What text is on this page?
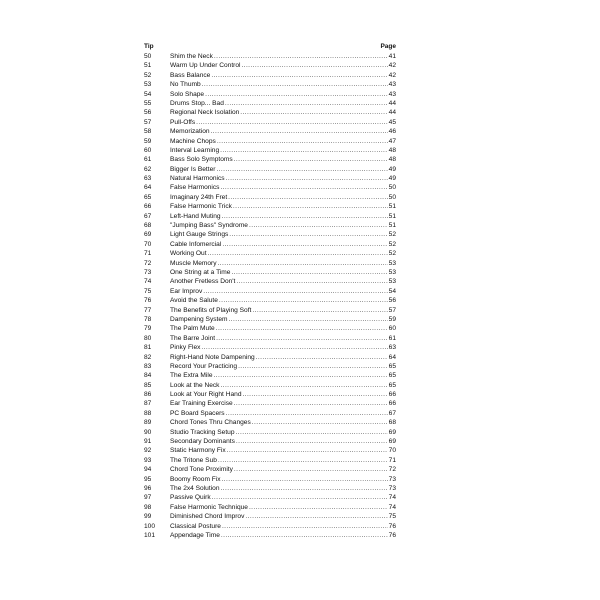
Tip	Page
50	Shim the Neck .....	41
51	Warm Up Under Control .....	42
52	Bass Balance .....	42
53	No Thumb .....	43
54	Solo Shape .....	43
55	Drums Stop... Bad .....	44
56	Regional Neck Isolation .....	44
57	Pull-Offs .....	45
58	Memorization .....	46
59	Machine Chops .....	47
60	Interval Learning .....	48
61	Bass Solo Symptoms .....	48
62	Bigger Is Better .....	49
63	Natural Harmonics .....	49
64	False Harmonics .....	50
65	Imaginary 24th Fret .....	50
66	False Harmonic Trick .....	51
67	Left-Hand Muting .....	51
68	"Jumping Bass" Syndrome .....	51
69	Light Gauge Strings .....	52
70	Cable Infomercial .....	52
71	Working Out .....	52
72	Muscle Memory .....	53
73	One String at a Time .....	53
74	Another Fretless Don't .....	53
75	Ear Improv .....	54
76	Avoid the Salute .....	56
77	The Benefits of Playing Soft .....	57
78	Dampening System .....	59
79	The Palm Mute .....	60
80	The Barre Joint .....	61
81	Pinky Flex .....	63
82	Right-Hand Note Dampening .....	64
83	Record Your Practicing .....	65
84	The Extra Mile .....	65
85	Look at the Neck .....	65
86	Look at Your Right Hand .....	66
87	Ear Training Exercise .....	66
88	PC Board Spacers .....	67
89	Chord Tones Thru Changes .....	68
90	Studio Tracking Setup .....	69
91	Secondary Dominants .....	69
92	Static Harmony Fix .....	70
93	The Tritone Sub .....	71
94	Chord Tone Proximity .....	72
95	Boomy Room Fix .....	73
96	The 2x4 Solution .....	73
97	Passive Quirk .....	74
98	False Harmonic Technique .....	74
99	Diminished Chord Improv .....	75
100	Classical Posture .....	76
101	Appendage Time .....	76
